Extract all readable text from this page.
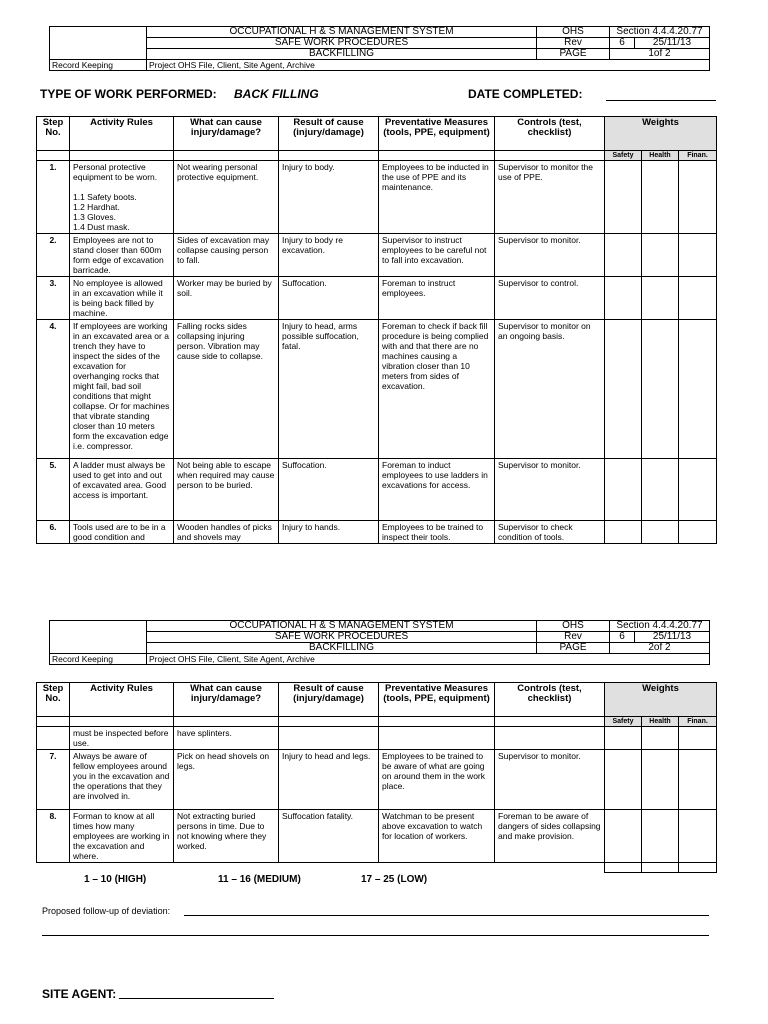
	OCCUPATIONAL H & S MANAGEMENT SYSTEM	OHS	Section 4.4.4.20.77	
	SAFE WORK PROCEDURES	Rev	6	25/11/13
	BACKFILLING	PAGE	1of 2	
Record Keeping	Project OHS File, Client, Site Agent, Archive			
TYPE OF WORK PERFORMED: BACK FILLING	DATE COMPLETED:
Step No.	Activity Rules	What can cause injury/damage?	Result of cause (injury/damage)	Preventative Measures (tools, PPE, equipment)	Controls (test, checklist)	Weights		
						Safety	Health	Finan.
1.	Personal protective equipment to be worn.

1.1 Safety boots.
1.2 Hardhat.
1.3 Gloves.
1.4 Dust mask.	Not wearing personal protective equipment.	Injury to body.	Employees to be inducted in the use of PPE and its maintenance.	Supervisor to monitor the use of PPE.			
2.	Employees are not to stand closer than 600m form edge of excavation barricade.	Sides of excavation may collapse causing person to fall.	Injury to body re excavation.	Supervisor to instruct employees to be careful not to fall into excavation.	Supervisor to monitor.			
3.	No employee is allowed in an excavation while it is being back filled by machine.	Worker may be buried by soil.	Suffocation.	Foreman to instruct employees.	Supervisor to control.			
4.	If employees are working in an excavated area or a trench they have to inspect the sides of the excavation for overhanging rocks that might fail, bad soil conditions that might collapse. Or for machines that vibrate standing closer than 10 meters form the excavation edge i.e. compressor.	Falling rocks sides collapsing injuring person. Vibration may cause side to collapse.	Injury to head, arms possible suffocation, fatal.	Foreman to check if back fill procedure is being complied with and that there are no machines causing a vibration closer than 10 meters from sides of excavation.	Supervisor to monitor on an ongoing basis.			
5.	A ladder must always be used to get into and out of excavated area. Good access is important.	Not being able to escape when required may cause person to be buried.	Suffocation.	Foreman to induct employees to use ladders in excavations for access.	Supervisor to monitor.			
6.	Tools used are to be in a good condition and	Wooden handles of picks and shovels may	Injury to hands.	Employees to be trained to inspect their tools.	Supervisor to check condition of tools.			
	OCCUPATIONAL H & S MANAGEMENT SYSTEM	OHS	Section 4.4.4.20.77	
	SAFE WORK PROCEDURES	Rev	6	25/11/13
	BACKFILLING	PAGE	2of 2	
Record Keeping	Project OHS File, Client, Site Agent, Archive			
Step No.	Activity Rules	What can cause injury/damage?	Result of cause (injury/damage)	Preventative Measures (tools, PPE, equipment)	Controls (test, checklist)	Weights		
						Safety	Health	Finan.
	must be inspected before use.	have splinters.						
7.	Always be aware of fellow employees around you in the excavation and the operations that they are involved in.	Pick on head shovels on legs.	Injury to head and legs.	Employees to be trained to be aware of what are going on around them in the work place.	Supervisor to monitor.			
8.	Forman to know at all times how many employees are working in the excavation and where.	Not extracting buried persons in time. Due to not knowing where they worked.	Suffocation fatality.	Watchman to be present above excavation to watch for location of workers.	Foreman to be aware of dangers of sides collapsing and make provision.			

1 – 10 (HIGH)	11 – 16 (MEDIUM)	17 – 25 (LOW)
Proposed follow-up of deviation:
SITE AGENT:
